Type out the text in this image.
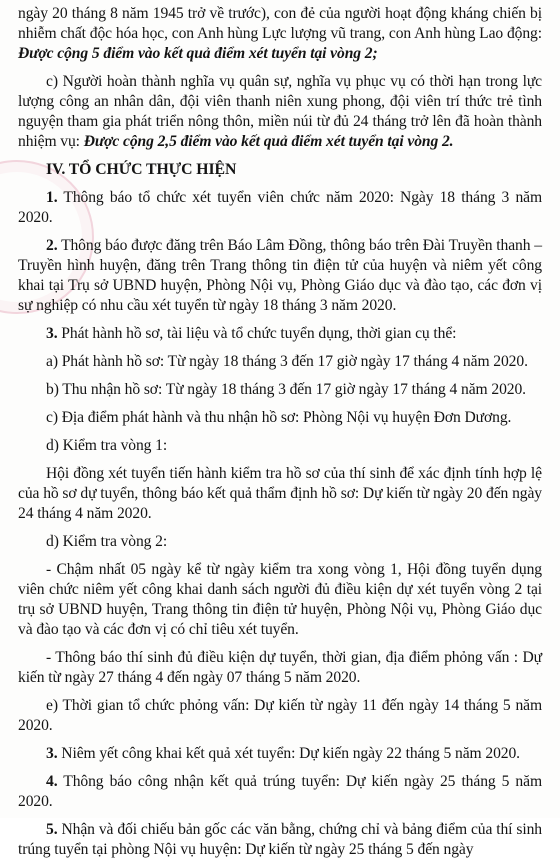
ngày 20 tháng 8 năm 1945 trở về trước), con đẻ của người hoạt động kháng chiến bị nhiễm chất độc hóa học, con Anh hùng Lực lượng vũ trang, con Anh hùng Lao động: Được cộng 5 điểm vào kết quả điểm xét tuyển tại vòng 2;

c) Người hoàn thành nghĩa vụ quân sự, nghĩa vụ phục vụ có thời hạn trong lực lượng công an nhân dân, đội viên thanh niên xung phong, đội viên trí thức trẻ tình nguyện tham gia phát triển nông thôn, miền núi từ đủ 24 tháng trở lên đã hoàn thành nhiệm vụ: Được cộng 2,5 điểm vào kết quả điểm xét tuyển tại vòng 2.

IV. TỔ CHỨC THỰC HIỆN

1. Thông báo tổ chức xét tuyển viên chức năm 2020: Ngày 18 tháng 3 năm 2020.

2. Thông báo được đăng trên Báo Lâm Đồng, thông báo trên Đài Truyền thanh – Truyền hình huyện, đăng trên Trang thông tin điện tử của huyện và niêm yết công khai tại Trụ sở UBND huyện, Phòng Nội vụ, Phòng Giáo dục và đào tạo, các đơn vị sự nghiệp có nhu cầu xét tuyển từ ngày 18 tháng 3 năm 2020.

3. Phát hành hồ sơ, tài liệu và tổ chức tuyển dụng, thời gian cụ thể:

a) Phát hành hồ sơ: Từ ngày 18 tháng 3 đến 17 giờ ngày 17 tháng 4 năm 2020.

b) Thu nhận hồ sơ: Từ ngày 18 tháng 3 đến 17 giờ ngày 17 tháng 4 năm 2020.

c) Địa điểm phát hành và thu nhận hồ sơ: Phòng Nội vụ huyện Đơn Dương.

d) Kiểm tra vòng 1:

Hội đồng xét tuyển tiến hành kiểm tra hồ sơ của thí sinh để xác định tính hợp lệ của hồ sơ dự tuyển, thông báo kết quả thẩm định hồ sơ: Dự kiến từ ngày 20 đến ngày 24 tháng 4 năm 2020.

d) Kiểm tra vòng 2:

- Chậm nhất 05 ngày kể từ ngày kiểm tra xong vòng 1, Hội đồng tuyển dụng viên chức niêm yết công khai danh sách người đủ điều kiện dự xét tuyển vòng 2 tại trụ sở UBND huyện, Trang thông tin điện tử huyện, Phòng Nội vụ, Phòng Giáo dục và đào tạo và các đơn vị có chỉ tiêu xét tuyển.

- Thông báo thí sinh đủ điều kiện dự tuyển, thời gian, địa điểm phỏng vấn : Dự kiến từ ngày 27 tháng 4 đến ngày 07 tháng 5 năm 2020.

e) Thời gian tổ chức phỏng vấn: Dự kiến từ ngày 11 đến ngày 14 tháng 5 năm 2020.

3. Niêm yết công khai kết quả xét tuyển: Dự kiến ngày 22 tháng 5 năm 2020.

4. Thông báo công nhận kết quả trúng tuyển: Dự kiến ngày 25 tháng 5 năm 2020.

5. Nhận và đối chiếu bản gốc các văn bằng, chứng chỉ và bảng điểm của thí sinh trúng tuyển tại phòng Nội vụ huyện: Dự kiến từ ngày 25 tháng 5 đến ngày
